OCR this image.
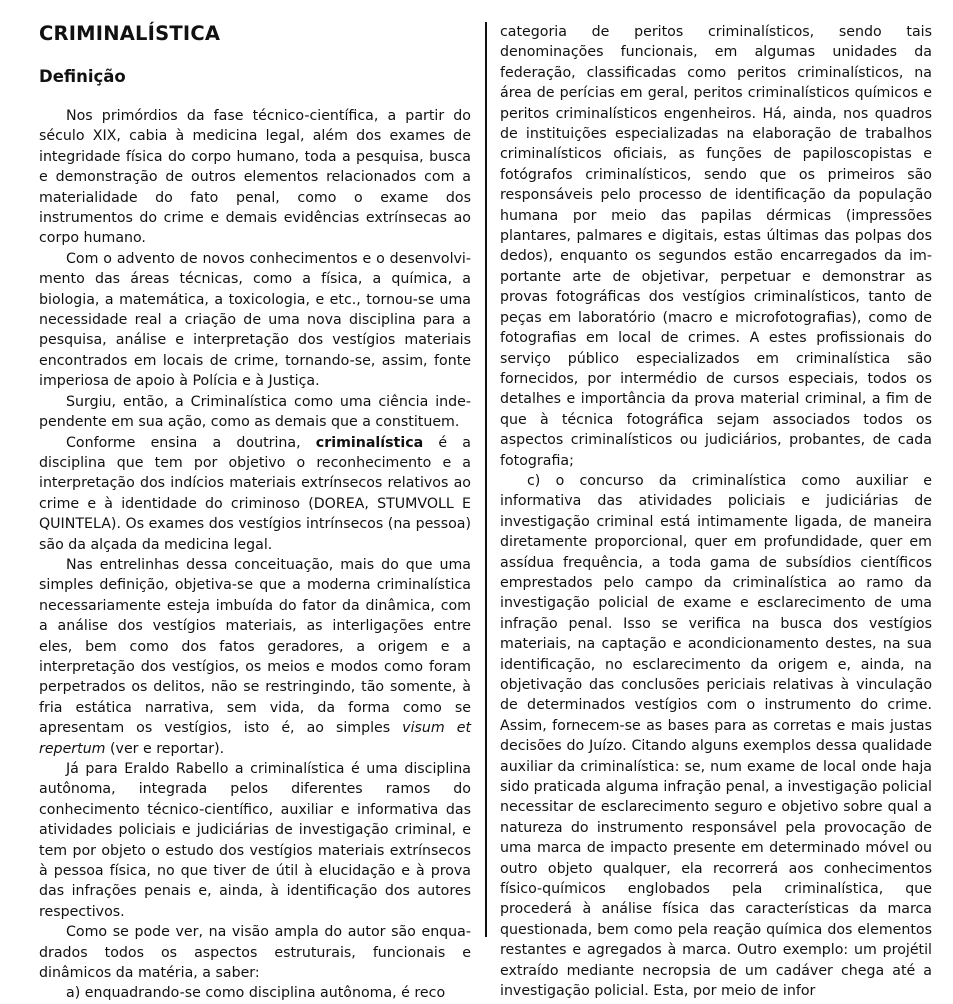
CRIMINALÍSTICA
Definição

Nos primórdios da fase técnico-científica, a partir do século XIX, cabia à medicina legal, além dos exames de integridade física do corpo humano, toda a pesquisa, busca e demonstração de outros elementos relacionados com a materialidade do fato penal, como o exame dos instrumentos do crime e demais evidências extrínsecas ao corpo humano.

Com o advento de novos conhecimentos e o desenvolvimento das áreas técnicas, como a física, a química, a biologia, a matemática, a toxicologia, e etc., tornou-se uma necessidade real a criação de uma nova disciplina para a pesquisa, análise e interpretação dos vestígios materiais encontrados em locais de crime, tornando-se, assim, fonte imperiosa de apoio à Polícia e à Justiça.

Surgiu, então, a Criminalística como uma ciência independente em sua ação, como as demais que a constituem.

Conforme ensina a doutrina, criminalística é a disciplina que tem por objetivo o reconhecimento e a interpretação dos indícios materiais extrínsecos relativos ao crime e à identidade do criminoso (DOREA, STUMVOLL E QUINTELA). Os exames dos vestígios intrínsecos (na pessoa) são da alçada da medicina legal.

Nas entrelinhas dessa conceituação, mais do que uma simples definição, objetiva-se que a moderna criminalística necessariamente esteja imbuída do fator da dinâmica, com a análise dos vestígios materiais, as interligações entre eles, bem como dos fatos geradores, a origem e a interpretação dos vestígios, os meios e modos como foram perpetrados os delitos, não se restringindo, tão somente, à fria estática narrativa, sem vida, da forma como se apresentam os vestígios, isto é, ao simples visum et repertum (ver e reportar).

Já para Eraldo Rabello a criminalística é uma disciplina autônoma, integrada pelos diferentes ramos do conhecimento técnico-científico, auxiliar e informativa das atividades policiais e judiciárias de investigação criminal, e tem por objeto o estudo dos vestígios materiais extrínsecos à pessoa física, no que tiver de útil à elucidação e à prova das infrações penais e, ainda, à identificação dos autores respectivos.

Como se pode ver, na visão ampla do autor são enquadrados todos os aspectos estruturais, funcionais e dinâmicos da matéria, a saber:

a) enquadrando-se como disciplina autônoma, é reco

categoria de peritos criminalísticos, sendo tais denominações funcionais, em algumas unidades da federação, classificadas como peritos criminalísticos, na área de perícias em geral, peritos criminalísticos químicos e peritos criminalísticos engenheiros. Há, ainda, nos quadros de instituições especializadas na elaboração de trabalhos criminalísticos oficiais, as funções de papiloscopistas e fotógrafos criminalísticos, sendo que os primeiros são responsáveis pelo processo de identificação da população humana por meio das papilas dérmicas (impressões plantares, palmares e digitais, estas últimas das polpas dos dedos), enquanto os segundos estão encarregados da importante arte de objetivar, perpetuar e demonstrar as provas fotográficas dos vestígios criminalísticos, tanto de peças em laboratório (macro e microfotografias), como de fotografias em local de crimes. A estes profissionais do serviço público especializados em criminalística são fornecidos, por intermédio de cursos especiais, todos os detalhes e importância da prova material criminal, a fim de que à técnica fotográfica sejam associados todos os aspectos criminalísticos ou judiciários, probantes, de cada fotografia;

c) o concurso da criminalística como auxiliar e informativa das atividades policiais e judiciárias de investigação criminal está intimamente ligada, de maneira diretamente proporcional, quer em profundidade, quer em assídua frequência, a toda gama de subsídios científicos emprestados pelo campo da criminalística ao ramo da investigação policial de exame e esclarecimento de uma infração penal. Isso se verifica na busca dos vestígios materiais, na captação e acondicionamento destes, na sua identificação, no esclarecimento da origem e, ainda, na objetivação das conclusões periciais relativas à vinculação de determinados vestígios com o instrumento do crime. Assim, fornecem-se as bases para as corretas e mais justas decisões do Juízo. Citando alguns exemplos dessa qualidade auxiliar da criminalística: se, num exame de local onde haja sido praticada alguma infração penal, a investigação policial necessitar de esclarecimento seguro e objetivo sobre qual a natureza do instrumento responsável pela provocação de uma marca de impacto presente em determinado móvel ou outro objeto qualquer, ela recorrerá aos conhecimentos físico-químicos englobados pela criminalística, que procederá à análise física das características da marca questionada, bem como pela reação química dos elementos restantes e agregados à marca. Outro exemplo: um projétil extraído mediante necropsia de um cadáver chega até a investigação policial. Esta, por meio de infor
